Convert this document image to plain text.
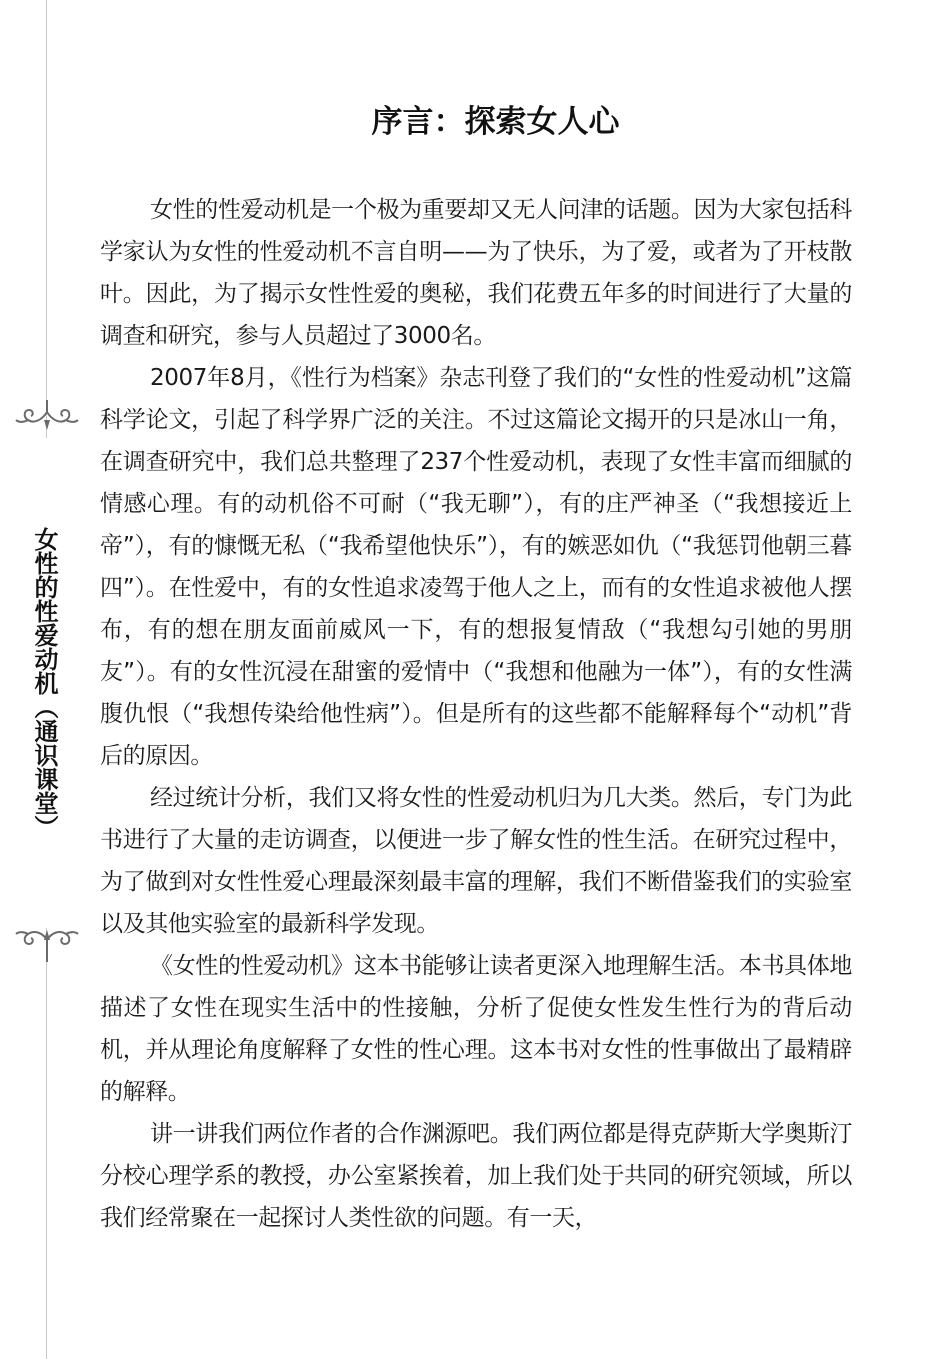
女性的性爱动机（通识课堂）
序言：探索女人心

女性的性爱动机是一个极为重要却又无人问津的话题。因为大家包括科学家认为女性的性爱动机不言自明——为了快乐，为了爱，或者为了开枝散叶。因此，为了揭示女性性爱的奥秘，我们花费五年多的时间进行了大量的调查和研究，参与人员超过了3000名。

2007年8月，《性行为档案》杂志刊登了我们的“女性的性爱动机”这篇科学论文，引起了科学界广泛的关注。不过这篇论文揭开的只是冰山一角，在调查研究中，我们总共整理了237个性爱动机，表现了女性丰富而细腻的情感心理。有的动机俗不可耐（“我无聊”），有的庄严神圣（“我想接近上帝”），有的慷慨无私（“我希望他快乐”），有的嫉恶如仇（“我惩罚他朝三暮四”）。在性爱中，有的女性追求凌驾于他人之上，而有的女性追求被他人摆布，有的想在朋友面前威风一下，有的想报复情敌（“我想勾引她的男朋友”）。有的女性沉浸在甜蜜的爱情中（“我想和他融为一体”），有的女性满腹仇恨（“我想传染给他性病”）。但是所有的这些都不能解释每个“动机”背后的原因。

经过统计分析，我们又将女性的性爱动机归为几大类。然后，专门为此书进行了大量的走访调查，以便进一步了解女性的性生活。在研究过程中，为了做到对女性性爱心理最深刻最丰富的理解，我们不断借鉴我们的实验室以及其他实验室的最新科学发现。

《女性的性爱动机》这本书能够让读者更深入地理解生活。本书具体地描述了女性在现实生活中的性接触，分析了促使女性发生性行为的背后动机，并从理论角度解释了女性的性心理。这本书对女性的性事做出了最精辟的解释。

讲一讲我们两位作者的合作渊源吧。我们两位都是得克萨斯大学奥斯汀分校心理学系的教授，办公室紧挨着，加上我们处于共同的研究领域，所以我们经常聚在一起探讨人类性欲的问题。有一天，
